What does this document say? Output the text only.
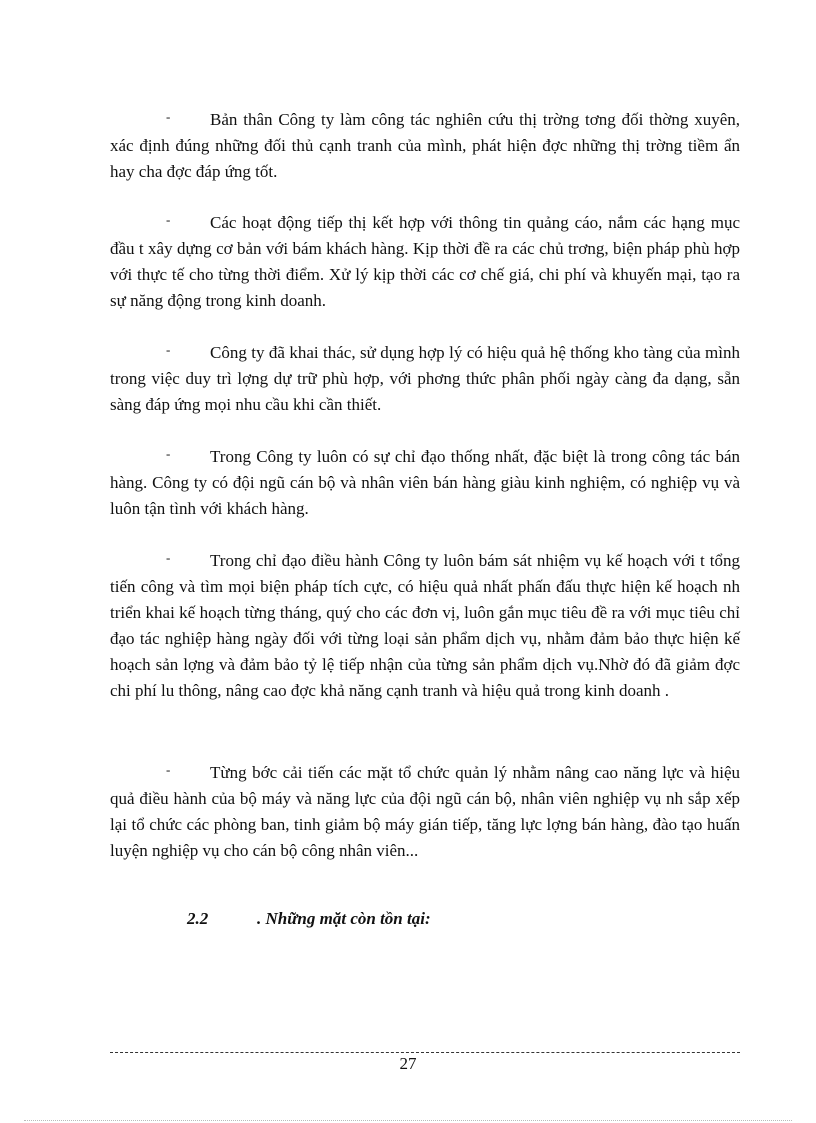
- Bản thân Công ty làm công tác nghiên cứu thị trờng tơng đối thờng xuyên, xác định đúng những đối thủ cạnh tranh của mình, phát hiện đợc những thị trờng tiềm ẩn hay cha đợc đáp ứng tốt.

- Các hoạt động tiếp thị kết hợp với thông tin quảng cáo, nắm các hạng mục đầu t xây dựng cơ bản với bám khách hàng. Kịp thời đề ra các chủ trơng, biện pháp phù hợp với thực tế cho từng thời điểm. Xử lý kịp thời các cơ chế giá, chi phí và khuyến mại, tạo ra sự năng động trong kinh doanh.

- Công ty đã khai thác, sử dụng hợp lý có hiệu quả hệ thống kho tàng của mình trong việc duy trì lợng dự trữ phù hợp, với phơng thức phân phối ngày càng đa dạng, sẵn sàng đáp ứng mọi nhu cầu khi cần thiết.

- Trong Công ty luôn có sự chỉ đạo thống nhất, đặc biệt là trong công tác bán hàng. Công ty có đội ngũ cán bộ và nhân viên bán hàng giàu kinh nghiệm, có nghiệp vụ và luôn tận tình với khách hàng.

- Trong chỉ đạo điều hành Công ty luôn bám sát nhiệm vụ kế hoạch với t tổng tiến công và tìm mọi biện pháp tích cực, có hiệu quả nhất phấn đấu thực hiện kế hoạch nh triển khai kế hoạch từng tháng, quý cho các đơn vị, luôn gắn mục tiêu đề ra với mục tiêu chỉ đạo tác nghiệp hàng ngày đối với từng loại sản phẩm dịch vụ, nhằm đảm bảo thực hiện kế hoạch sản lợng và đảm bảo tỷ lệ tiếp nhận của từng sản phẩm dịch vụ.Nhờ đó đã giảm đợc chi phí lu thông, nâng cao đợc khả năng cạnh tranh và hiệu quả trong kinh doanh .

- Từng bớc cải tiến các mặt tổ chức quản lý nhằm nâng cao năng lực và hiệu quả điều hành của bộ máy và năng lực của đội ngũ cán bộ, nhân viên nghiệp vụ nh sắp xếp lại tổ chức các phòng ban, tinh giảm bộ máy gián tiếp, tăng lực lợng bán hàng, đào tạo huấn luyện nghiệp vụ cho cán bộ công nhân viên...

2.2	. Những mặt còn tồn tại:
27
